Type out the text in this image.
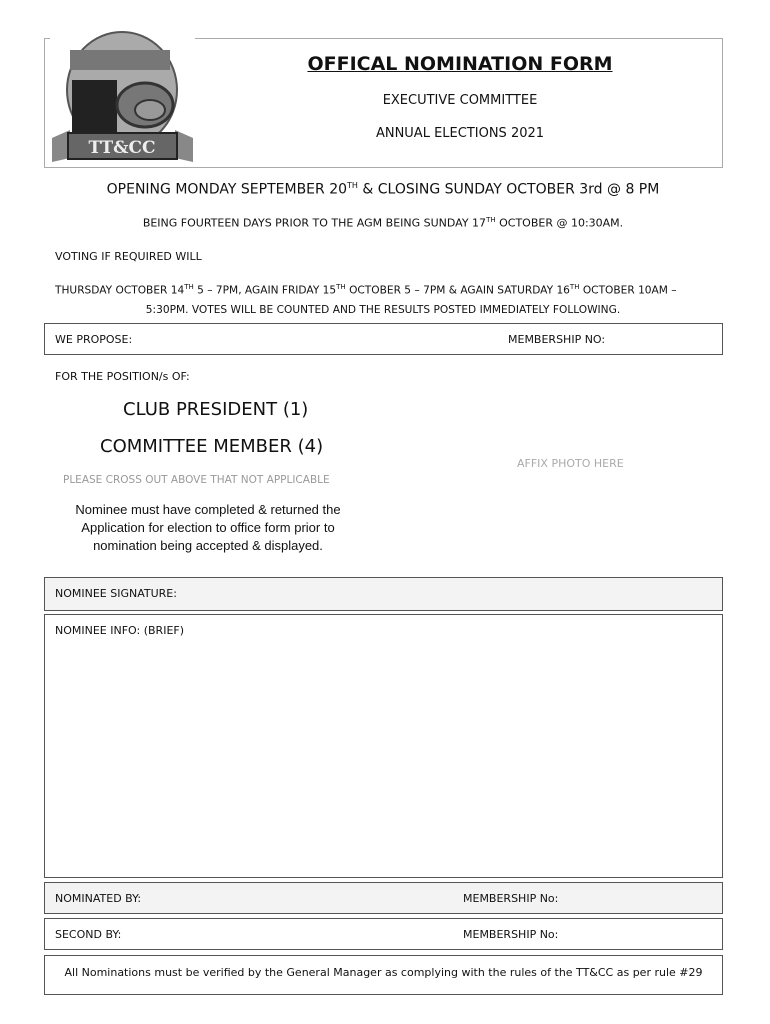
TT&CC
OFFICAL NOMINATION FORM
EXECUTIVE COMMITTEE
ANNUAL ELECTIONS 2021
OPENING MONDAY SEPTEMBER 20TH & CLOSING SUNDAY OCTOBER 3rd @ 8 PM
BEING FOURTEEN DAYS PRIOR TO THE AGM BEING SUNDAY 17TH OCTOBER @ 10:30AM.
VOTING IF REQUIRED WILL
THURSDAY OCTOBER 14TH 5 – 7PM, AGAIN FRIDAY 15TH OCTOBER 5 – 7PM & AGAIN SATURDAY 16TH OCTOBER 10AM –
5:30PM. VOTES WILL BE COUNTED AND THE RESULTS POSTED IMMEDIATELY FOLLOWING.
WE PROPOSE:	MEMBERSHIP NO:
FOR THE POSITION/s OF:
CLUB PRESIDENT (1)
COMMITTEE MEMBER (4)
PLEASE CROSS OUT ABOVE THAT NOT APPLICABLE
AFFIX PHOTO HERE
Nominee must have completed & returned the
Application for election to office form prior to
nomination being accepted & displayed.
NOMINEE SIGNATURE:
NOMINEE INFO: (BRIEF)
NOMINATED BY:	MEMBERSHIP No:
SECOND BY:	MEMBERSHIP No:
All Nominations must be verified by the General Manager as complying with the rules of the TT&CC as per rule #29
